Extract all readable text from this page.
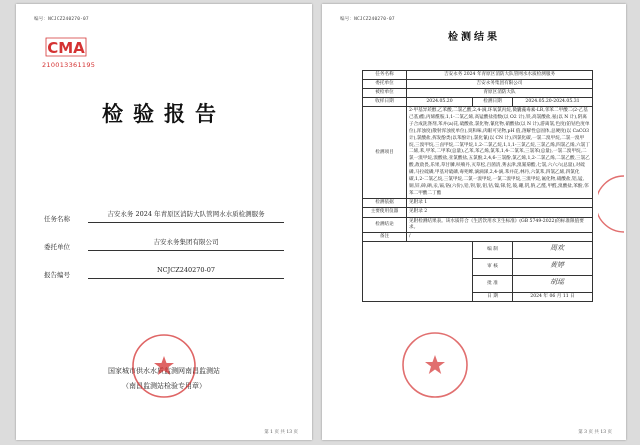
编号：NCJCZ240270-07
CMA
210013361195
检验报告
任务名称
吉安永务 2024 年青原区消防大队管网水水质检测服务
委托单位
吉安永务集团有限公司
报告编号
NCJCZ240270-07
国家城市供水水质监测网南昌监测站
（南昌监测站检验专用章）
第 1 页 共 13 页
编号：NCJCZ240270-07
检测结果
任务名称	吉安永务 2024 年青原区消防大队管网水水质检测服务		
委托单位	吉安永务集团有限公司		
被检单位	青原区消防大队		
收样日期	2024.05.20	检测日期	2024.05.20-2024.05.31
检测项目	2-甲基异莰醇,乙苯酸,二氯乙酸,2,4-滴,环氧氯丙烷,微囊藻毒素-LR,邻苯二甲酸二(2-乙基己基)酯,丙烯酰胺,1,1-二氯乙烯,高锰酸盐指数(以 O2 计),铁,高氯酸盐,氨(以 N 计),阴离子合成洗涤剂,苯并(a)芘,硫酸盐,氯化物,氰化物,硝酸盐(以 N 计),游离氯,色度(铂钴色度单位),浑浊度(散射浑浊度单位),臭和味,肉眼可见物,pH 值,溶解性总固体,总硬度(以 CaCO3 计),氯酸盐,挥发酚类(以苯酚计),氯化氰(以 CN 计),四氯化碳,一氯二溴甲烷,二氯一溴甲烷,三溴甲烷,三卤甲烷,二氯甲烷,1,2-二氯乙烷,1,1,1-三氯乙烷,三氯乙烯,四氯乙烯,六氯丁二烯,苯,甲苯,二甲苯(总量),乙苯,苯乙烯,氯苯,1,4-二氯苯,三氯苯(总量),一氯二溴甲烷,二氯一溴甲烷,溴酸盐,亚氯酸盐,五氯酚,2,4,6-三氯酚,氯乙烯,1,2-二氯乙烯,二氯乙酸,三氯乙酸,敌敌畏,乐果,草甘膦,呋喃丹,灭草松,百菌清,莠去津,溴氰菊酯,七氯,六六六(总量),对硫磷,马拉硫磷,甲基对硫磷,毒死蜱,滴滴涕,2,4-滴,苯并芘,林丹,六氯苯,四氯乙烯,四氯化碳,1,2-二氯乙烷,三氯甲烷,二氯一溴甲烷,一氯二溴甲烷,三溴甲烷,氟化物,硝酸盐,铝,锰,铜,锌,砷,硒,汞,镉,铬(六价),铅,钡,银,钼,钴,镍,锑,铊,铍,硼,钒,钠,乙醛,甲醛,溴酸盐,苯酚,邻苯二甲酸二丁酯		
检测依据	见附录 1		
主要使用仪器	见附录 2		
检测结论	见附检测结果表。该水质符合《生活饮用水卫生标准》(GB 5749-2022)的标准限值要求。		
备注	/		
		编 制	周欢

		审 核	黄婷

		批 准	胡瑶

		日 期	2024 年 06 月 11 日
第 3 页 共 13 页
